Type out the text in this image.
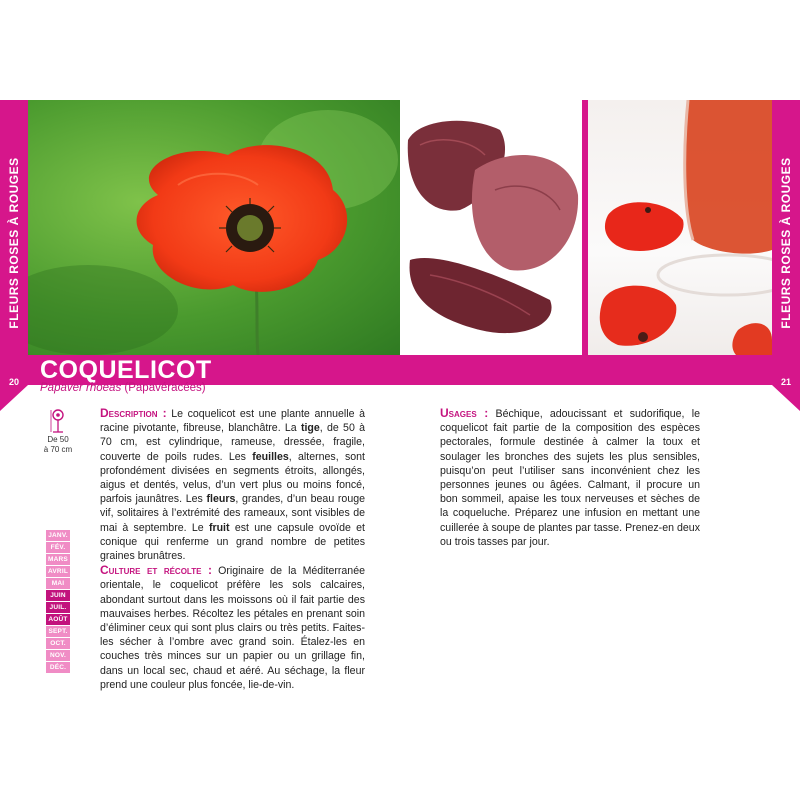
FLEURS ROSES À ROUGES	FLEURS ROSES À ROUGES
COQUELICOT
20	21
Papaver rhoeas (Papavéracées)
De 50
à 70 cm
JANV.
FÉV.
MARS
AVRIL
MAI
JUIN
JUIL.
AOÛT
SEPT.
OCT.
NOV.
DÉC.

Description : Le coquelicot est une plante annuelle à racine pivotante, fibreuse, blanchâtre. La tige, de 50 à 70 cm, est cylindrique, rameuse, dressée, fragile, couverte de poils rudes. Les feuilles, alternes, sont profondément divisées en segments étroits, allongés, aigus et dentés, velus, d’un vert plus ou moins foncé, parfois jaunâtres. Les fleurs, grandes, d’un beau rouge vif, solitaires à l’extrémité des rameaux, sont visibles de mai à septembre. Le fruit est une capsule ovoïde et conique qui renferme un grand nombre de petites graines brunâtres.

Culture et récolte : Originaire de la Méditerranée orientale, le coquelicot préfère les sols calcaires, abondant surtout dans les moissons où il fait partie des mauvaises herbes. Récoltez les pétales en prenant soin d’éliminer ceux qui sont plus clairs ou très petits. Faites-les sécher à l’ombre avec grand soin. Étalez-les en couches très minces sur un papier ou un grillage fin, dans un local sec, chaud et aéré. Au séchage, la fleur prend une couleur plus foncée, lie-de-vin.

Usages : Béchique, adoucissant et sudorifique, le coquelicot fait partie de la composition des espèces pectorales, formule destinée à calmer la toux et soulager les bronches des sujets les plus sensibles, puisqu’on peut l’utiliser sans inconvénient chez les personnes jeunes ou âgées. Calmant, il procure un bon sommeil, apaise les toux nerveuses et sèches de la coqueluche. Préparez une infusion en mettant une cuillerée à soupe de plantes par tasse. Prenez-en deux ou trois tasses par jour.
